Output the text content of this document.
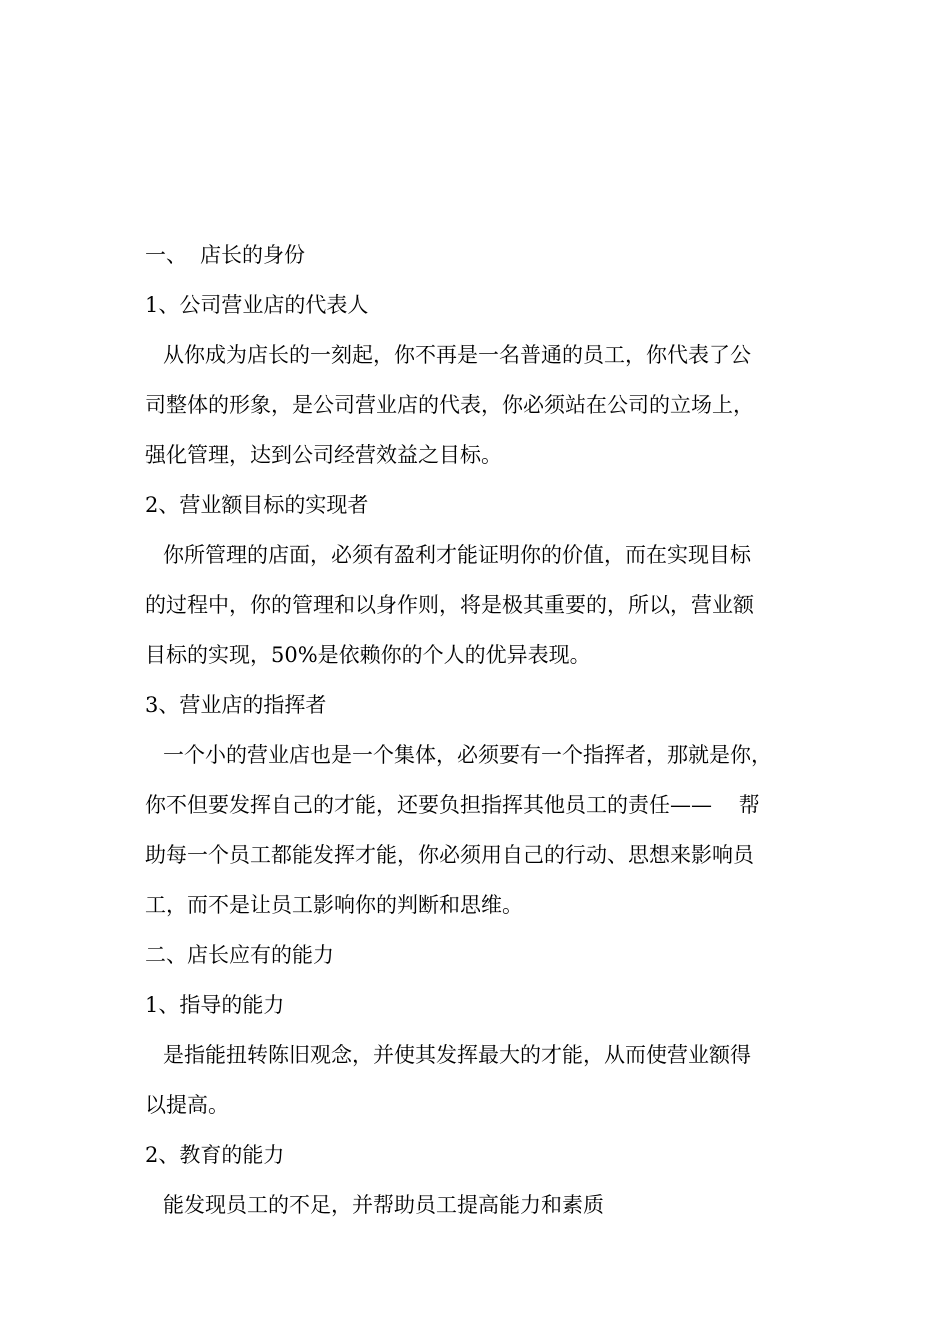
一、 店长的身份
1、公司营业店的代表人
从你成为店长的一刻起，你不再是一名普通的员工，你代表了公
司整体的形象，是公司营业店的代表，你必须站在公司的立场上，
强化管理，达到公司经营效益之目标。
2、营业额目标的实现者
你所管理的店面，必须有盈利才能证明你的价值，而在实现目标
的过程中，你的管理和以身作则，将是极其重要的，所以，营业额
目标的实现，50%是依赖你的个人的优异表现。
3、营业店的指挥者
一个小的营业店也是一个集体，必须要有一个指挥者，那就是你，
你不但要发挥自己的才能，还要负担指挥其他员工的责任——    帮
助每一个员工都能发挥才能，你必须用自己的行动、思想来影响员
工，而不是让员工影响你的判断和思维。
二、店长应有的能力
1、指导的能力
是指能扭转陈旧观念，并使其发挥最大的才能，从而使营业额得
以提高。
2、教育的能力
能发现员工的不足，并帮助员工提高能力和素质
